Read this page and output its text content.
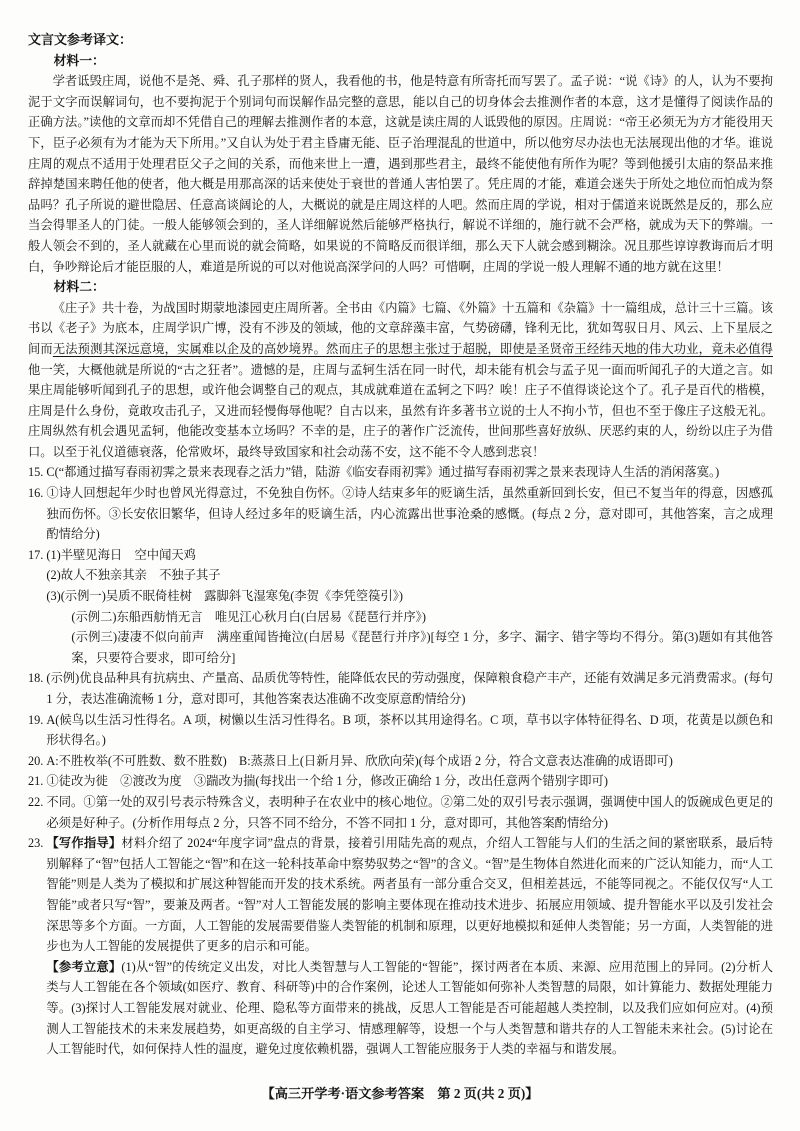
文言文参考译文：

材料一：

学者诋毁庄周，说他不是尧、舜、孔子那样的贤人，我看他的书，他是特意有所寄托而写罢了。孟子说：“说《诗》的人，认为不要拘泥于文字而误解词句，也不要拘泥于个别词句而误解作品完整的意思，能以自己的切身体会去推测作者的本意，这才是懂得了阅读作品的正确方法。”读他的文章而却不凭借自己的理解去推测作者的本意，这就是读庄周的人诋毁他的原因。庄周说：“帝王必须无为方才能役用天下，臣子必须有为才能为天下所用。”又自认为处于君主昏庸无能、臣子治理混乱的世道中，所以他穷尽办法也无法展现出他的才华。谁说庄周的观点不适用于处理君臣父子之间的关系，而他来世上一遭，遇到那些君主，最终不能使他有所作为呢？等到他援引太庙的祭品来推辞掉楚国来聘任他的使者，他大概是用那高深的话来使处于衰世的普通人害怕罢了。凭庄周的才能，难道会迷失于所处之地位而怕成为祭品吗？孔子所说的避世隐居、任意高谈阔论的人，大概说的就是庄周这样的人吧。然而庄周的学说，相对于儒道来说既然是反的，那么应当会得罪圣人的门徒。一般人能够领会到的，圣人详细解说然后能够严格执行，解说不详细的，施行就不会严格，就成为天下的弊端。一般人领会不到的，圣人就藏在心里而说的就会简略，如果说的不简略反而很详细，那么天下人就会感到糊涂。况且那些谆谆教诲而后才明白，争吵辩论后才能臣服的人，难道是所说的可以对他说高深学问的人吗？可惜啊，庄周的学说一般人理解不通的地方就在这里！

材料二：

《庄子》共十卷，为战国时期蒙地漆园吏庄周所著。全书由《内篇》七篇、《外篇》十五篇和《杂篇》十一篇组成，总计三十三篇。该书以《老子》为底本，庄周学识广博，没有不涉及的领域，他的文章辞藻丰富，气势磅礴，锋利无比，犹如驾驭日月、风云、上下星辰之间而无法预测其深远意境，实属难以企及的高妙境界。然而庄子的思想主张过于超脱，即使是圣贤帝王经纬天地的伟大功业，竟未必值得他一笑，大概他就是所说的“古之狂者”。遗憾的是，庄周与孟轲生活在同一时代，却未能有机会与孟子见一面而听闻孔子的大道之言。如果庄周能够听闻到孔子的思想，或许他会调整自己的观点，其成就难道在孟轲之下吗？唉！庄子不值得谈论这个了。孔子是百代的楷模，庄周是什么身份，竟敢攻击孔子，又进而轻慢侮辱他呢？自古以来，虽然有许多著书立说的士人不拘小节，但也不至于像庄子这般无礼。庄周纵然有机会遇见孟轲，他能改变基本立场吗？不幸的是，庄子的著作广泛流传，世间那些喜好放纵、厌恶约束的人，纷纷以庄子为借口。以至于礼仪道德衰落，伦常败坏，最终导致国家和社会动荡不安，这不能不令人感到悲哀！

15. C(“都通过描写春雨初霁之景来表现春之活力”错，陆游《临安春雨初霁》通过描写春雨初霁之景来表现诗人生活的消闲落寞。)
16. ①诗人回想起年少时也曾风光得意过，不免独自伤怀。②诗人结束多年的贬谪生活，虽然重新回到长安，但已不复当年的得意，因感孤独而伤怀。③长安依旧繁华，但诗人经过多年的贬谪生活，内心流露出世事沧桑的感慨。(每点 2 分，意对即可，其他答案，言之成理酌情给分)
17. (1)半壁见海日　空中闻天鸡
(2)故人不独亲其亲　不独子其子
(3)(示例一)吴质不眠倚桂树　露脚斜飞湿寒兔(李贺《李凭箜篌引》)
(示例二)东船西舫悄无言　唯见江心秋月白(白居易《琵琶行并序》)
(示例三)凄凄不似向前声　满座重闻皆掩泣(白居易《琵琶行并序》)[每空 1 分，多字、漏字、错字等均不得分。第(3)题如有其他答案，只要符合要求，即可给分]
18. (示例)优良品种具有抗病虫、产量高、品质优等特性，能降低农民的劳动强度，保障粮食稳产丰产，还能有效满足多元消费需求。(每句 1 分，表达准确流畅 1 分，意对即可，其他答案表达准确不改变原意酌情给分)
19. A(候鸟以生活习性得名。A 项，树懒以生活习性得名。B 项，茶杯以其用途得名。C 项，草书以字体特征得名、D 项，花黄是以颜色和形状得名。)
20. A:不胜枚举(不可胜数、数不胜数)　B:蒸蒸日上(日新月异、欣欣向荣)(每个成语 2 分，符合文意表达准确的成语即可)
21. ①徒改为徙　②渡改为度　③踹改为揣(每找出一个给 1 分，修改正确给 1 分，改出任意两个错别字即可)
22. 不同。①第一处的双引号表示特殊含义，表明种子在农业中的核心地位。②第二处的双引号表示强调，强调使中国人的饭碗成色更足的必须是好种子。(分析作用每点 2 分，只答不同不给分，不答不同扣 1 分，意对即可，其他答案酌情给分)
23. 【写作指导】材料介绍了 2024“年度字词”盘点的背景，接着引用陆先高的观点，介绍人工智能与人们的生活之间的紧密联系，最后特别解释了“智”包括人工智能之“智”和在这一轮科技革命中察势驭势之“智”的含义。“智”是生物体自然进化而来的广泛认知能力，而“人工智能”则是人类为了模拟和扩展这种智能而开发的技术系统。两者虽有一部分重合交叉，但相差甚远，不能等同视之。不能仅仅写“人工智能”或者只写“智”，要兼及两者。“智”对人工智能发展的影响主要体现在推动技术进步、拓展应用领域、提升智能水平以及引发社会深思等多个方面。一方面，人工智能的发展需要借鉴人类智能的机制和原理，以更好地模拟和延伸人类智能；另一方面，人类智能的进步也为人工智能的发展提供了更多的启示和可能。
【参考立意】(1)从“智”的传统定义出发，对比人类智慧与人工智能的“智能”，探讨两者在本质、来源、应用范围上的异同。(2)分析人类与人工智能在各个领域(如医疗、教育、科研等)中的合作案例，论述人工智能如何弥补人类智慧的局限，如计算能力、数据处理能力等。(3)探讨人工智能发展对就业、伦理、隐私等方面带来的挑战，反思人工智能是否可能超越人类控制，以及我们应如何应对。(4)预测人工智能技术的未来发展趋势，如更高级的自主学习、情感理解等，设想一个与人类智慧和谐共存的人工智能未来社会。(5)讨论在人工智能时代，如何保持人性的温度，避免过度依赖机器，强调人工智能应服务于人类的幸福与和谐发展。
【高三开学考·语文参考答案　第 2 页(共 2 页)】
